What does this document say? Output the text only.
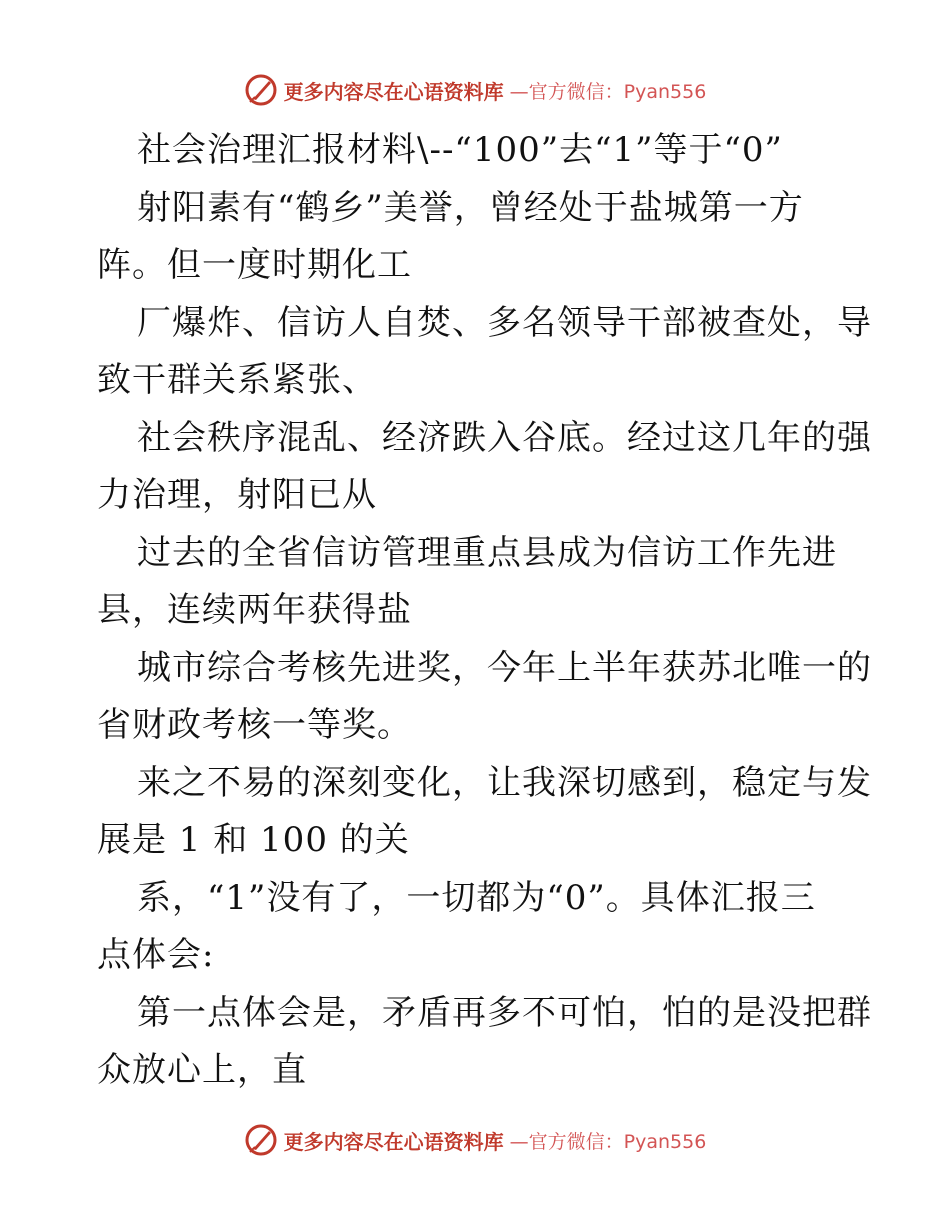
更多内容尽在心语资料库 —官方微信：Pyan556
社会治理汇报材料\--“100”去“1”等于“0”
射阳素有“鹤乡”美誉，曾经处于盐城第一方
阵。但一度时期化工
厂爆炸、信访人自焚、多名领导干部被查处，导
致干群关系紧张、
社会秩序混乱、经济跌入谷底。经过这几年的强
力治理，射阳已从
过去的全省信访管理重点县成为信访工作先进
县，连续两年获得盐
城市综合考核先进奖，今年上半年获苏北唯一的
省财政考核一等奖。
来之不易的深刻变化，让我深切感到，稳定与发
展是 1 和 100 的关
系，“1”没有了，一切都为“0”。具体汇报三
点体会:
第一点体会是，矛盾再多不可怕，怕的是没把群
众放心上，直
更多内容尽在心语资料库 —官方微信：Pyan556
